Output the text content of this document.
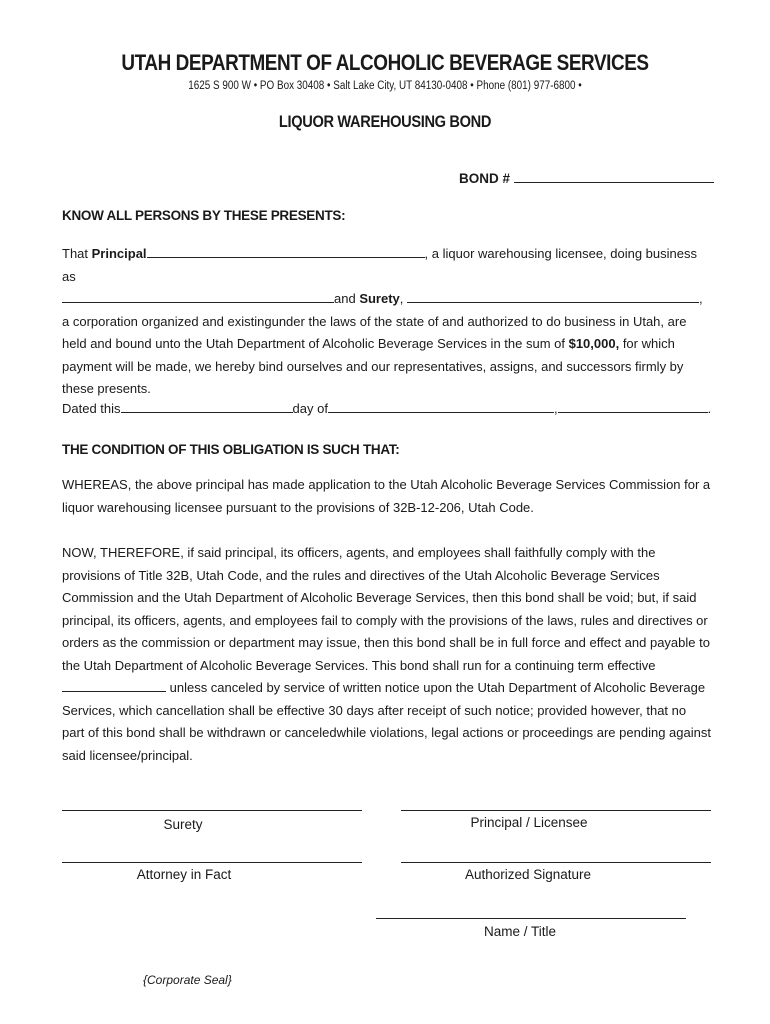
UTAH DEPARTMENT OF ALCOHOLIC BEVERAGE SERVICES
1625 S 900 W • PO Box 30408 • Salt Lake City, UT 84130-0408 • Phone (801) 977-6800 •
LIQUOR WAREHOUSING BOND
BOND #
KNOW ALL PERSONS BY THESE PRESENTS:
That Principal	, a liquor warehousing licensee, doing business as
and Surety,	, a corporation organized and existingunder the laws of the state of and authorized to do business in Utah, are held and bound unto the Utah Department of Alcoholic Beverage Services in the sum of $10,000, for which payment will be made, we hereby bind ourselves and our representatives, assigns, and successors firmly by these presents.
Dated this	day of	,	.
THE CONDITION OF THIS OBLIGATION IS SUCH THAT:
WHEREAS, the above principal has made application to the Utah Alcoholic Beverage Services Commission for a liquor warehousing licensee pursuant to the provisions of 32B-12-206, Utah Code.
NOW, THEREFORE, if said principal, its officers, agents, and employees shall faithfully comply with the provisions of Title 32B, Utah Code, and the rules and directives of the Utah Alcoholic Beverage Services Commission and the Utah Department of Alcoholic Beverage Services, then this bond shall be void; but, if said principal, its officers, agents, and employees fail to comply with the provisions of the laws, rules and directives or orders as the commission or department may issue, then this bond shall be in full force and effect and payable to the Utah Department of Alcoholic Beverage Services. This bond shall run for a continuing term effective  unless canceled by service of written notice upon the Utah Department of Alcoholic Beverage Services, which cancellation shall be effective 30 days after receipt of such notice; provided however, that no part of this bond shall be withdrawn or canceledwhile violations, legal actions or proceedings are pending against said licensee/principal.
Surety	Principal / Licensee
Attorney in Fact	Authorized Signature
Name / Title
{Corporate Seal}
